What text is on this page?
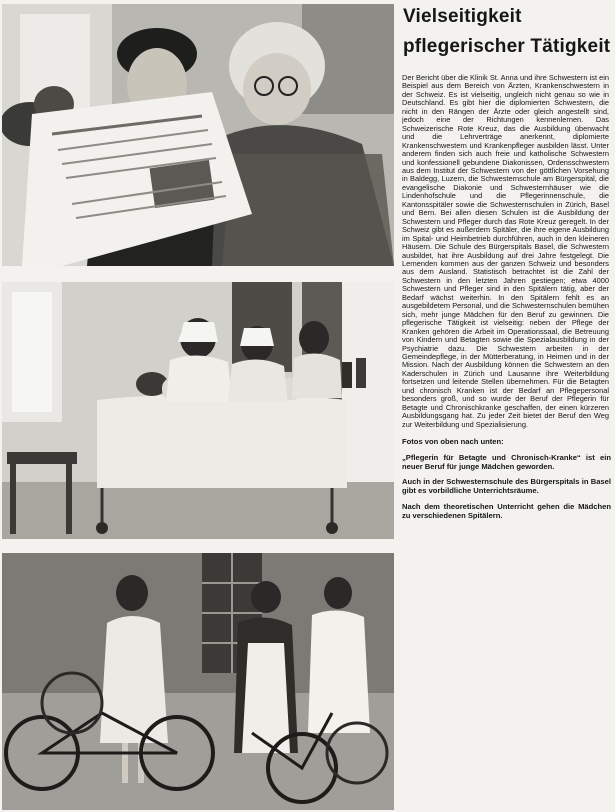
Vielseitigkeit
pflegerischer Tätigkeit

Der Bericht über die Klinik St. Anna und ihre Schwestern ist ein Beispiel aus dem Bereich von Ärzten, Krankenschwestern in der Schweiz. Es ist vielseitig, ungleich nicht genau so wie in Deutschland. Es gibt hier die diplomierten Schwestern, die nicht in den Rängen der Ärzte oder gleich angestellt sind, jedoch eine der Richtungen kennenlernen. Das Schweizerische Rote Kreuz, das die Ausbildung überwacht und die Lehrverträge anerkennt, diplomierte Krankenschwestern und Krankenpfleger ausbilden lässt. Unter anderem finden sich auch freie und katholische Schwestern und konfessionell gebundene Diakonissen, Ordensschwestern aus dem Institut der Schwestern von der göttlichen Vorsehung in Baldegg, Luzern, die Schwesternschule am Bürgerspital, die evangelische Diakonie und Schwesternhäuser wie die Lindenhofschule und die Pflegerinnenschule, die Kantonsspitäler sowie die Schwesternschulen in Zürich, Basel und Bern. Bei allen diesen Schulen ist die Ausbildung der Schwestern und Pfleger durch das Rote Kreuz geregelt. In der Schweiz gibt es außerdem Spitäler, die ihre eigene Ausbildung im Spital- und Heimbetrieb durchführen, auch in den kleineren Häusern. Die Schule des Bürgerspitals Basel, die Schwestern ausbildet, hat ihre Ausbildung auf drei Jahre festgelegt. Die Lernenden kommen aus der ganzen Schweiz und besonders aus dem Ausland. Statistisch betrachtet ist die Zahl der Schwestern in den letzten Jahren gestiegen; etwa 4000 Schwestern und Pfleger sind in den Spitälern tätig, aber der Bedarf wächst weiterhin. In den Spitälern fehlt es an ausgebildetem Personal, und die Schwesternschulen bemühen sich, mehr junge Mädchen für den Beruf zu gewinnen. Die pflegerische Tätigkeit ist vielseitig: neben der Pflege der Kranken gehören die Arbeit im Operationssaal, die Betreuung von Kindern und Betagten sowie die Spezialausbildung in der Psychiatrie dazu. Die Schwestern arbeiten in der Gemeindepflege, in der Mütterberatung, in Heimen und in der Mission. Nach der Ausbildung können die Schwestern an den Kaderschulen in Zürich und Lausanne ihre Weiterbildung fortsetzen und leitende Stellen übernehmen. Für die Betagten und chronisch Kranken ist der Bedarf an Pflegepersonal besonders groß, und so wurde der Beruf der Pflegerin für Betagte und Chronischkranke geschaffen, der einen kürzeren Ausbildungsgang hat. Zu jeder Zeit bietet der Beruf den Weg zur Weiterbildung und Spezialisierung.

Fotos von oben nach unten:
„Pflegerin für Betagte und Chronisch-Kranke“ ist ein neuer Beruf für junge Mädchen geworden.
Auch in der Schwesternschule des Bürgerspitals in Basel gibt es vorbildliche Unterrichtsräume.
Nach dem theoretischen Unterricht gehen die Mädchen zu verschiedenen Spitälern.
